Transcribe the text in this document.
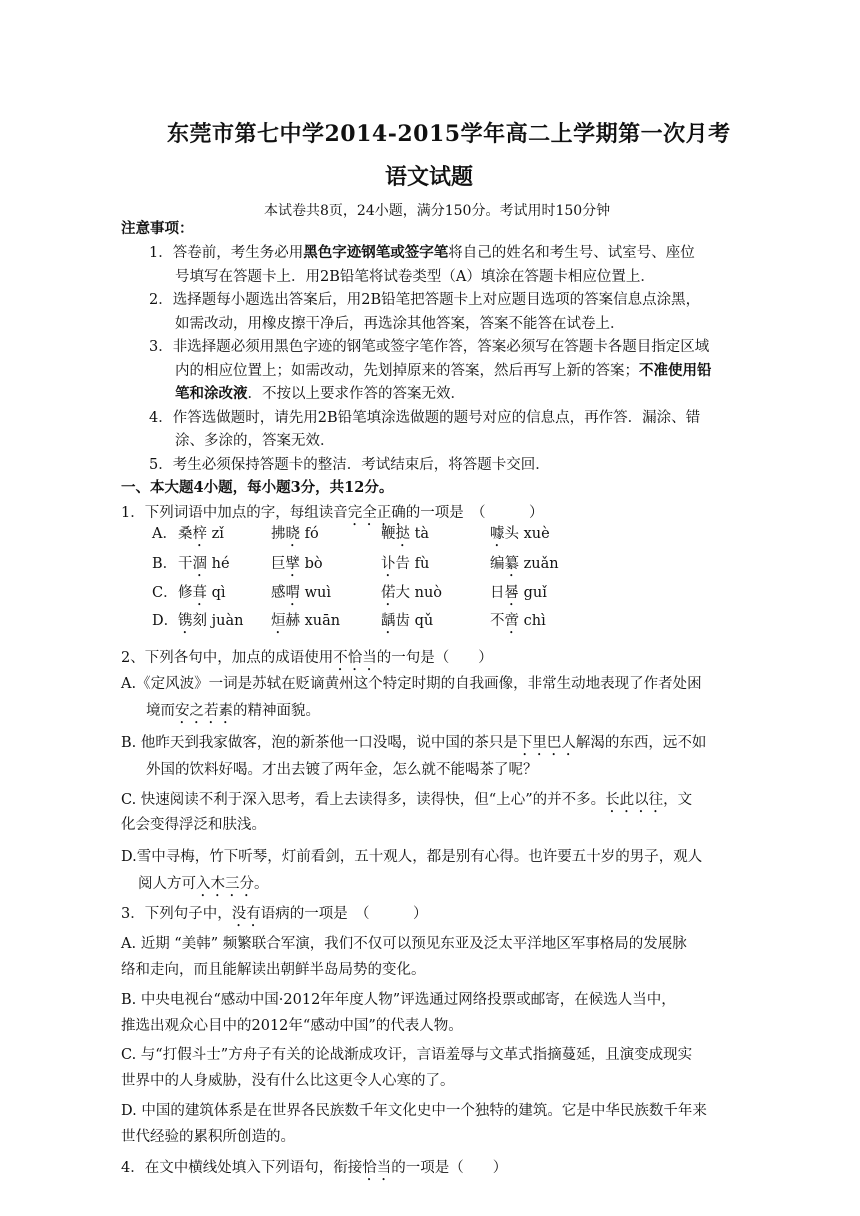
东莞市第七中学2014-2015学年高二上学期第一次月考
语文试题
本试卷共8页，24小题，满分150分。考试用时150分钟
注意事项：
1．答卷前，考生务必用黑色字迹钢笔或签字笔将自己的姓名和考生号、试室号、座位
号填写在答题卡上．用2B铅笔将试卷类型（A）填涂在答题卡相应位置上．
2．选择题每小题选出答案后，用2B铅笔把答题卡上对应题目选项的答案信息点涂黑，
如需改动，用橡皮擦干净后，再选涂其他答案，答案不能答在试卷上．
3．非选择题必须用黑色字迹的钢笔或签字笔作答，答案必须写在答题卡各题目指定区域
内的相应位置上；如需改动，先划掉原来的答案，然后再写上新的答案；不准使用铅
笔和涂改液．不按以上要求作答的答案无效．
4．作答选做题时，请先用2B铅笔填涂选做题的题号对应的信息点，再作答．漏涂、错
涂、多涂的，答案无效．
5．考生必须保持答题卡的整洁．考试结束后，将答题卡交回．
一、本大题4小题，每小题3分，共12分。
1．下列词语中加点的字，每组读音完全正确的一项是　（　　　）
A． 桑梓 zǐ	拂晓 fó	鞭挞 tà	噱头 xuè
B． 干涸 hé	巨擘 bò	讣告 fù	编纂 zuǎn
C． 修葺 qì	感喟 wuì	偌大 nuò	日晷 guǐ
D． 镌刻 juàn 烜赫 xuān	龋齿 qǔ	不啻 chì
2、下列各句中，加点的成语使用不恰当的一句是（　　）
A.《定风波》一词是苏轼在贬谪黄州这个特定时期的自我画像，非常生动地表现了作者处困
境而安之若素的精神面貌。
B. 他昨天到我家做客，泡的新茶他一口没喝，说中国的茶只是下里巴人解渴的东西，远不如
外国的饮料好喝。才出去镀了两年金，怎么就不能喝茶了呢？
C. 快速阅读不利于深入思考，看上去读得多，读得快，但“上心”的并不多。长此以往，文
化会变得浮泛和肤浅。
D.雪中寻梅，竹下听琴，灯前看剑，五十观人，都是别有心得。也许要五十岁的男子，观人
阅人方可入木三分。
3．下列句子中，没有语病的一项是　（　　　）
A. 近期 “美韩” 频繁联合军演，我们不仅可以预见东亚及泛太平洋地区军事格局的发展脉
络和走向，而且能解读出朝鲜半岛局势的变化。
B. 中央电视台“感动中国·2012年年度人物”评选通过网络投票或邮寄，在候选人当中，
推选出观众心目中的2012年“感动中国”的代表人物。
C. 与“打假斗士”方舟子有关的论战渐成攻讦，言语羞辱与文革式指摘蔓延，且演变成现实
世界中的人身威胁，没有什么比这更令人心寒的了。
D. 中国的建筑体系是在世界各民族数千年文化史中一个独特的建筑。它是中华民族数千年来
世代经验的累积所创造的。
4．在文中横线处填入下列语句，衔接恰当的一项是（　　）
